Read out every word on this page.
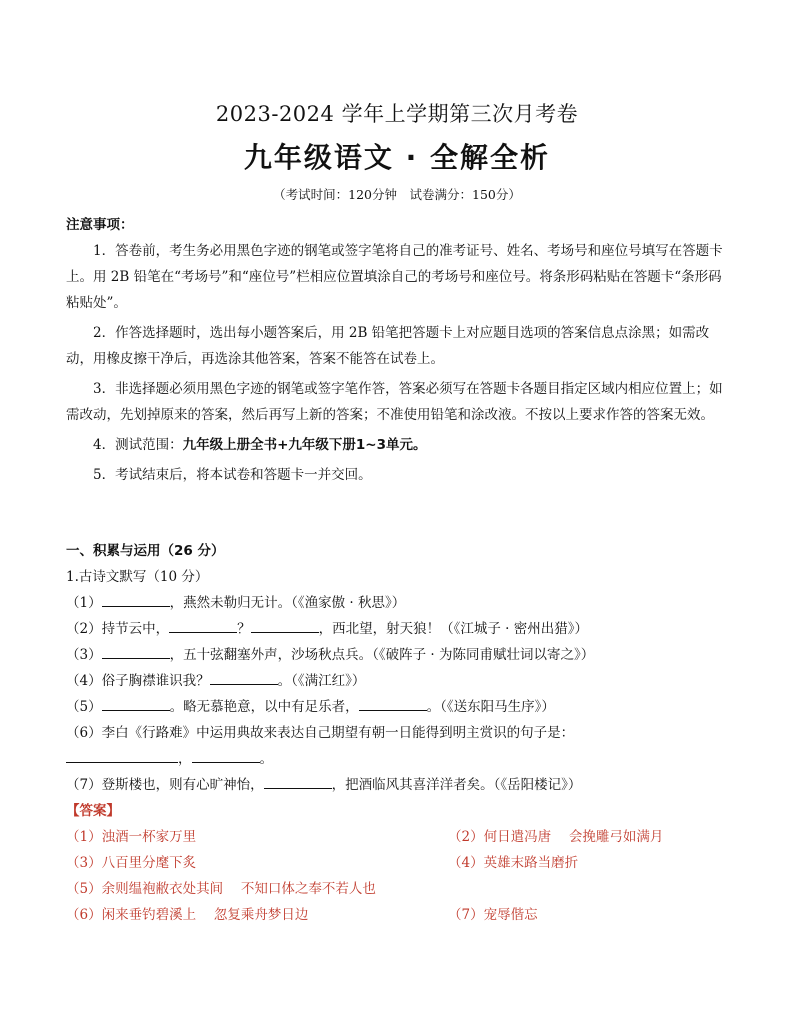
2023-2024 学年上学期第三次月考卷
九年级语文 · 全解全析
（考试时间：120分钟　试卷满分：150分）

注意事项：

1．答卷前，考生务必用黑色字迹的钢笔或签字笔将自己的准考证号、姓名、考场号和座位号填写在答题卡上。用 2B 铅笔在“考场号”和“座位号”栏相应位置填涂自己的考场号和座位号。将条形码粘贴在答题卡“条形码粘贴处”。

2．作答选择题时，选出每小题答案后，用 2B 铅笔把答题卡上对应题目选项的答案信息点涂黑；如需改动，用橡皮擦干净后，再选涂其他答案，答案不能答在试卷上。

3．非选择题必须用黑色字迹的钢笔或签字笔作答，答案必须写在答题卡各题目指定区域内相应位置上；如需改动，先划掉原来的答案，然后再写上新的答案；不准使用铅笔和涂改液。不按以上要求作答的答案无效。

4．测试范围：九年级上册全书+九年级下册1~3单元。

5．考试结束后，将本试卷和答题卡一并交回。

一、积累与运用（26 分）

1.古诗文默写（10 分）

（1）	，燕然未勒归无计。（《渔家傲 · 秋思》）

（2）持节云中，	？	，西北望，射天狼！（《江城子 · 密州出猎》）

（3）	，五十弦翻塞外声，沙场秋点兵。（《破阵子 · 为陈同甫赋壮词以寄之》）

（4）俗子胸襟谁识我？	。（《满江红》）

（5）	。略无慕艳意，以中有足乐者，	。（《送东阳马生序》）

（6）李白《行路难》中运用典故来表达自己期望有朝一日能得到明主赏识的句子是：
，	。

（7）登斯楼也，则有心旷神怡，	，把酒临风其喜洋洋者矣。（《岳阳楼记》）

【答案】

（1）浊酒一杯家万里	（2）何日遣冯唐　 会挽雕弓如满月
（3）八百里分麾下炙	（4）英雄末路当磨折
（5）余则缊袍敝衣处其间　 不知口体之奉不若人也
（6）闲来垂钓碧溪上　 忽复乘舟梦日边	（7）宠辱偕忘
